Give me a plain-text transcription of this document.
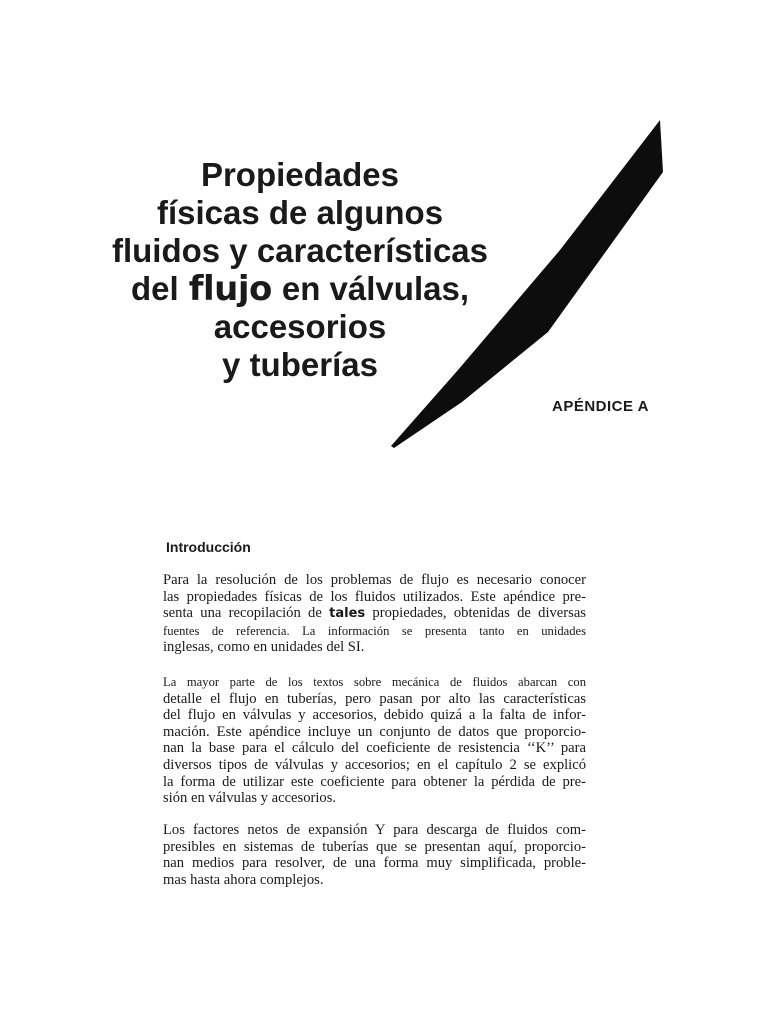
Propiedades
físicas de algunos
fluidos y características
del flujo en válvulas,
accesorios
y tuberías
APÉNDICE A
Introducción
Para la resolución de los problemas de flujo es necesario conocer
las propiedades físicas de los fluidos utilizados. Este apéndice pre-
senta una recopilación de tales propiedades, obtenidas de diversas
fuentes de referencia. La información se presenta tanto en unidades
inglesas, como en unidades del SI.
La mayor parte de los textos sobre mecánica de fluidos abarcan con
detalle el flujo en tuberías, pero pasan por alto las características
del flujo en válvulas y accesorios, debido quizá a la falta de infor-
mación. Este apéndice incluye un conjunto de datos que proporcio-
nan la base para el cálculo del coeficiente de resistencia ‘‘K’’ para
diversos tipos de válvulas y accesorios; en el capítulo 2 se explicó
la forma de utilizar este coeficiente para obtener la pérdida de pre-
sión en válvulas y accesorios.
Los factores netos de expansión Y para descarga de fluidos com-
presibles en sistemas de tuberías que se presentan aquí, proporcio-
nan medios para resolver, de una forma muy simplificada, proble-
mas hasta ahora complejos.
